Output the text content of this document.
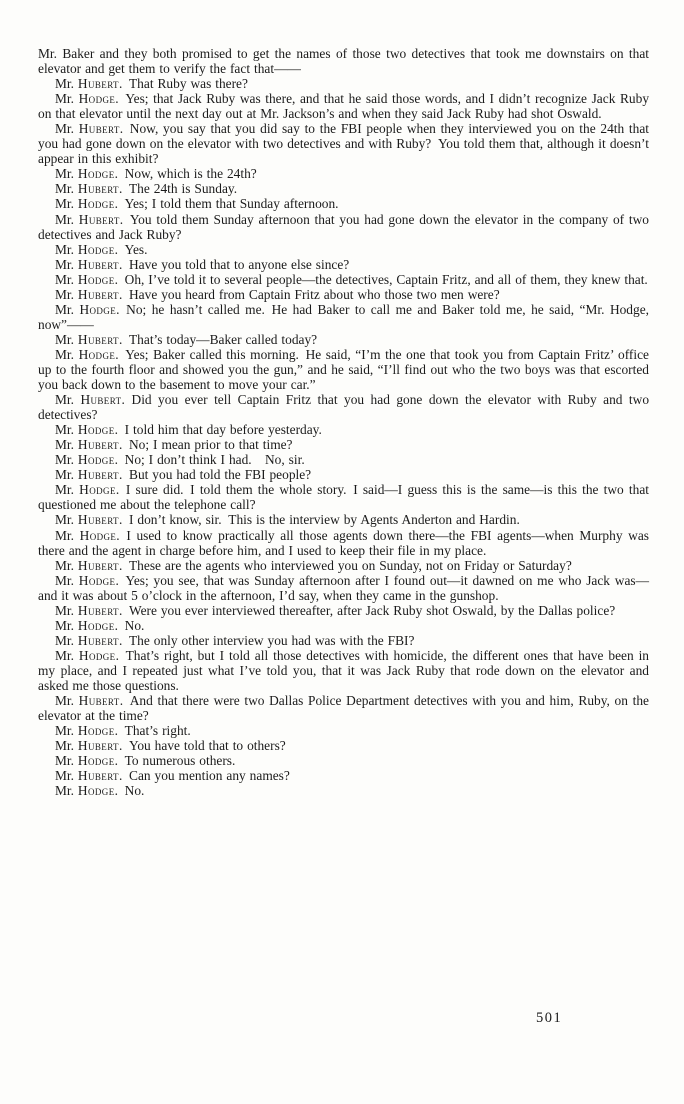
Mr. Baker and they both promised to get the names of those two detectives that took me downstairs on that elevator and get them to verify the fact that——

Mr. Hubert. That Ruby was there?

Mr. Hodge. Yes; that Jack Ruby was there, and that he said those words, and I didn’t recognize Jack Ruby on that elevator until the next day out at Mr. Jackson’s and when they said Jack Ruby had shot Oswald.

Mr. Hubert. Now, you say that you did say to the FBI people when they interviewed you on the 24th that you had gone down on the elevator with two detectives and with Ruby? You told them that, although it doesn’t appear in this exhibit?

Mr. Hodge. Now, which is the 24th?

Mr. Hubert. The 24th is Sunday.

Mr. Hodge. Yes; I told them that Sunday afternoon.

Mr. Hubert. You told them Sunday afternoon that you had gone down the elevator in the company of two detectives and Jack Ruby?

Mr. Hodge. Yes.

Mr. Hubert. Have you told that to anyone else since?

Mr. Hodge. Oh, I’ve told it to several people—the detectives, Captain Fritz, and all of them, they knew that.

Mr. Hubert. Have you heard from Captain Fritz about who those two men were?

Mr. Hodge. No; he hasn’t called me. He had Baker to call me and Baker told me, he said, “Mr. Hodge, now”——

Mr. Hubert. That’s today—Baker called today?

Mr. Hodge. Yes; Baker called this morning. He said, “I’m the one that took you from Captain Fritz’ office up to the fourth floor and showed you the gun,” and he said, “I’ll find out who the two boys was that escorted you back down to the basement to move your car.”

Mr. Hubert. Did you ever tell Captain Fritz that you had gone down the elevator with Ruby and two detectives?

Mr. Hodge. I told him that day before yesterday.

Mr. Hubert. No; I mean prior to that time?

Mr. Hodge. No; I don’t think I had.  No, sir.

Mr. Hubert. But you had told the FBI people?

Mr. Hodge. I sure did. I told them the whole story. I said—I guess this is the same—is this the two that questioned me about the telephone call?

Mr. Hubert. I don’t know, sir. This is the interview by Agents Anderton and Hardin.

Mr. Hodge. I used to know practically all those agents down there—the FBI agents—when Murphy was there and the agent in charge before him, and I used to keep their file in my place.

Mr. Hubert. These are the agents who interviewed you on Sunday, not on Friday or Saturday?

Mr. Hodge. Yes; you see, that was Sunday afternoon after I found out—it dawned on me who Jack was—and it was about 5 o’clock in the afternoon, I’d say, when they came in the gunshop.

Mr. Hubert. Were you ever interviewed thereafter, after Jack Ruby shot Oswald, by the Dallas police?

Mr. Hodge. No.

Mr. Hubert. The only other interview you had was with the FBI?

Mr. Hodge. That’s right, but I told all those detectives with homicide, the different ones that have been in my place, and I repeated just what I’ve told you, that it was Jack Ruby that rode down on the elevator and asked me those questions.

Mr. Hubert. And that there were two Dallas Police Department detectives with you and him, Ruby, on the elevator at the time?

Mr. Hodge. That’s right.

Mr. Hubert. You have told that to others?

Mr. Hodge. To numerous others.

Mr. Hubert. Can you mention any names?

Mr. Hodge. No.

501
